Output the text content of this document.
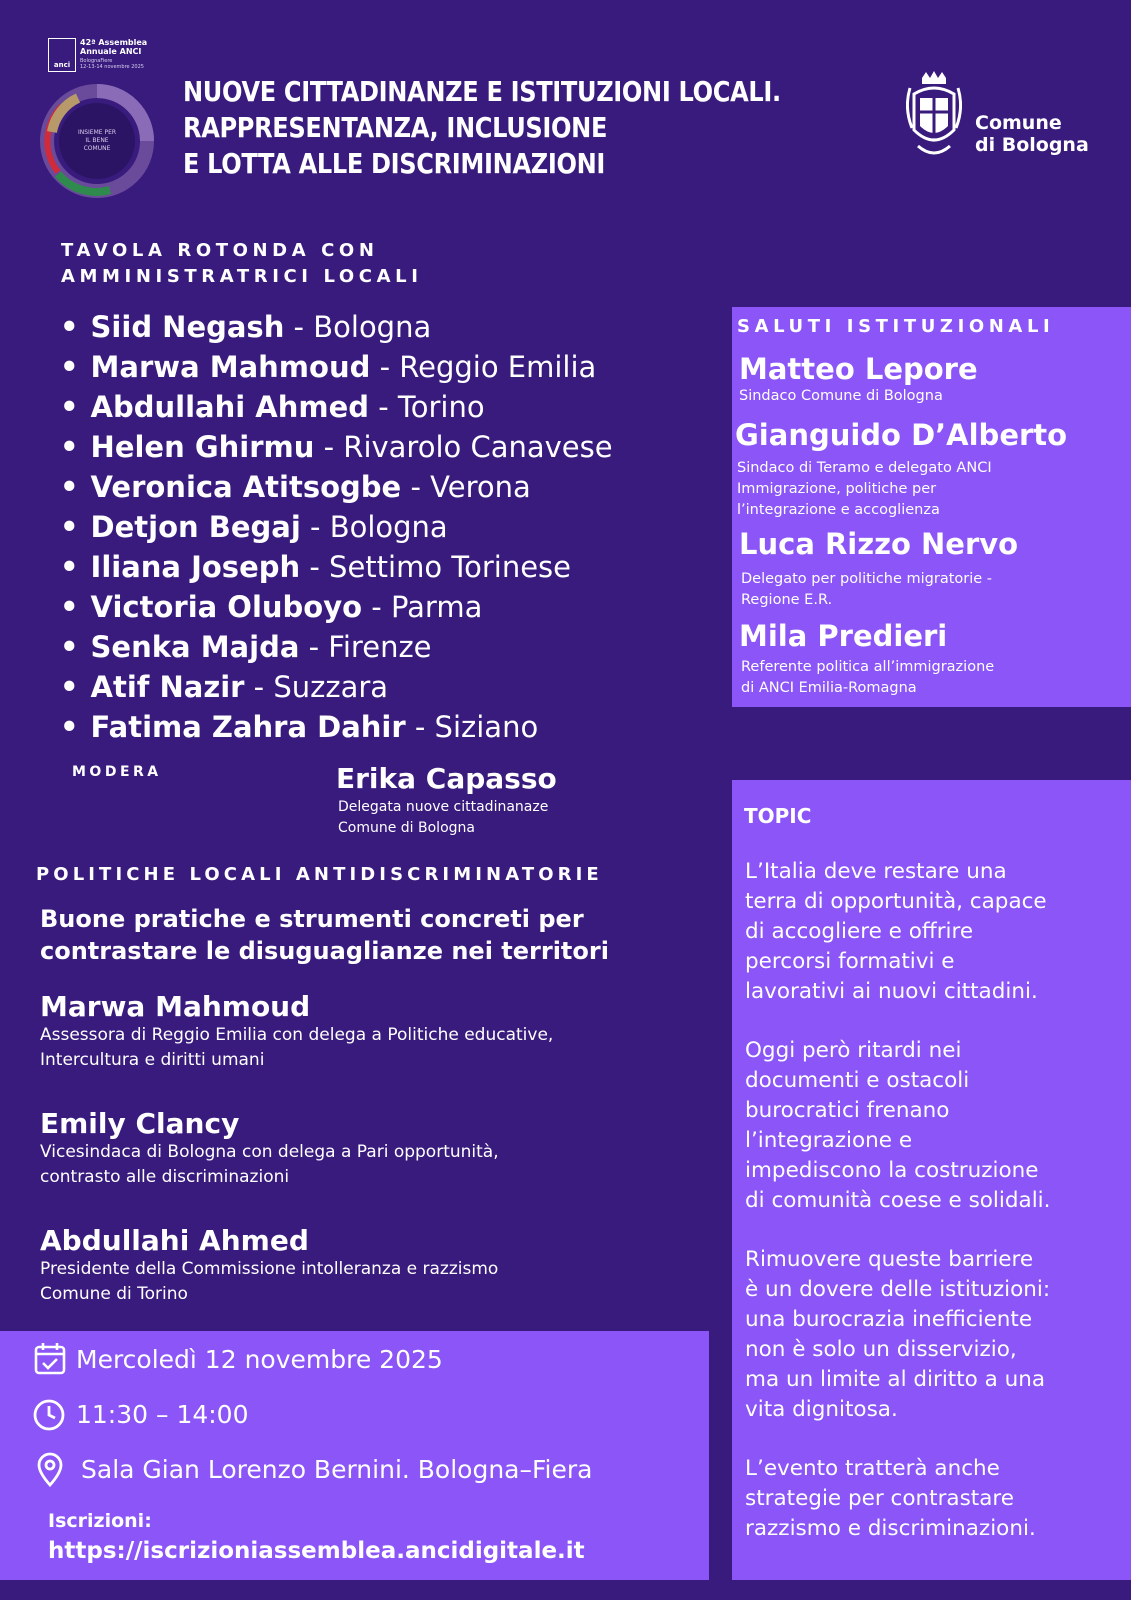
anci
42ª Assemblea
Annuale ANCI
BolognaFiere
12-13-14 novembre 2025
INSIEME PER
IL BENE
COMUNE
NUOVE CITTADINANZE E ISTITUZIONI LOCALI.
RAPPRESENTANZA, INCLUSIONE
E LOTTA ALLE DISCRIMINAZIONI
Comune
di Bologna
TAVOLA ROTONDA CON
AMMINISTRATRICI LOCALI
• Siid Negash - Bologna
• Marwa Mahmoud - Reggio Emilia
• Abdullahi Ahmed - Torino
• Helen Ghirmu - Rivarolo Canavese
• Veronica Atitsogbe - Verona
• Detjon Begaj - Bologna
• Iliana Joseph - Settimo Torinese
• Victoria Oluboyo - Parma
• Senka Majda - Firenze
• Atif Nazir - Suzzara
• Fatima Zahra Dahir - Siziano
MODERA	Erika Capasso
Delegata nuove cittadinanaze
Comune di Bologna
POLITICHE LOCALI ANTIDISCRIMINATORIE
Buone pratiche e strumenti concreti per
contrastare le disuguaglianze nei territori
Marwa Mahmoud
Assessora di Reggio Emilia con delega a Politiche educative,
Intercultura e diritti umani
Emily Clancy
Vicesindaca di Bologna con delega a Pari opportunità,
contrasto alle discriminazioni
Abdullahi Ahmed
Presidente della Commissione intolleranza e razzismo
Comune di Torino
SALUTI ISTITUZIONALI
Matteo Lepore
Sindaco Comune di Bologna
Gianguido D’Alberto
Sindaco di Teramo e delegato ANCI
Immigrazione, politiche per
l’integrazione e accoglienza
Luca Rizzo Nervo
Delegato per politiche migratorie -
Regione E.R.
Mila Predieri
Referente politica all’immigrazione
di ANCI Emilia-Romagna
TOPIC
L’Italia deve restare una
terra di opportunità, capace
di accogliere e offrire
percorsi formativi e
lavorativi ai nuovi cittadini.
Oggi però ritardi nei
documenti e ostacoli
burocratici frenano
l’integrazione e
impediscono la costruzione
di comunità coese e solidali.
Rimuovere queste barriere
è un dovere delle istituzioni:
una burocrazia inefficiente
non è solo un disservizio,
ma un limite al diritto a una
vita dignitosa.
L’evento tratterà anche
strategie per contrastare
razzismo e discriminazioni.
Mercoledì 12 novembre 2025
11:30 – 14:00
Sala Gian Lorenzo Bernini. Bologna–Fiera
Iscrizioni:
https://iscrizioniassemblea.ancidigitale.it
